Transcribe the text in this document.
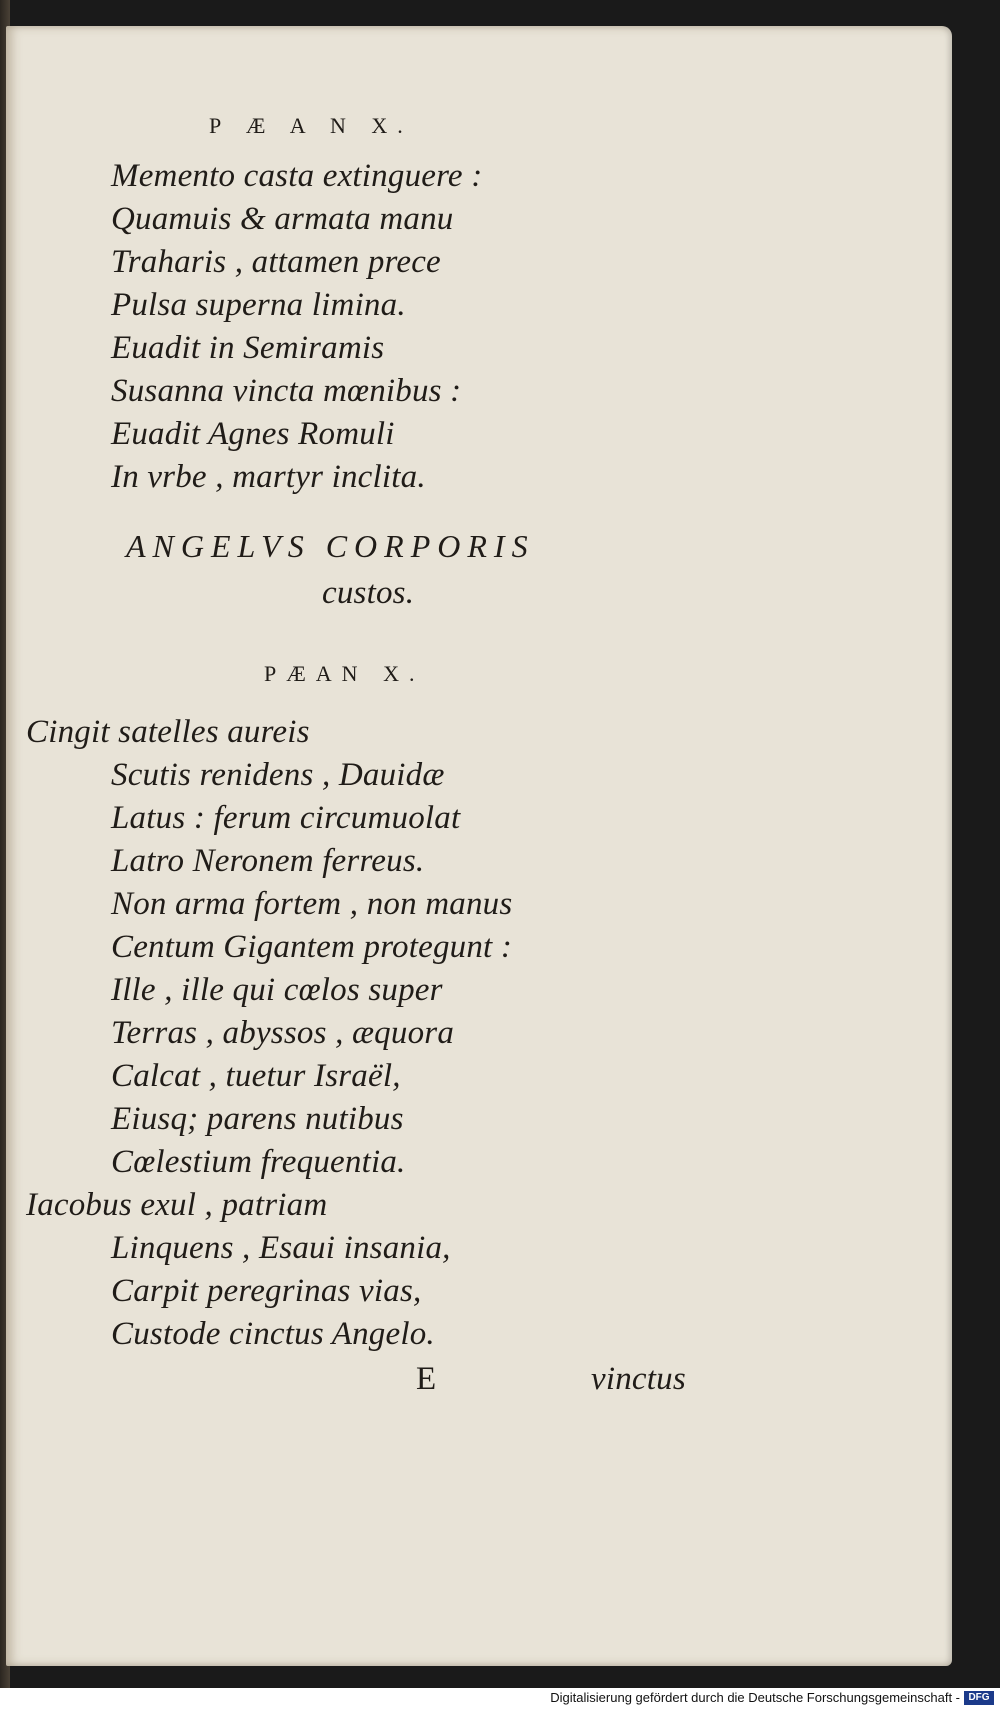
P Æ A N X.

Memento casta extinguere :

Quamuis & armata manu

Traharis , attamen prece

Pulsa superna limina.

Euadit in Semiramis

Susanna vincta mœnibus :

Euadit Agnes Romuli

In vrbe , martyr inclita.

ANGELVS CORPORIS

custos.

PÆAN X.

Cingit satelles aureis

Scutis renidens , Dauidæ

Latus : ferum circumuolat

Latro Neronem ferreus.

Non arma fortem , non manus

Centum Gigantem protegunt :

Ille , ille qui cœlos super

Terras , abyssos , æquora

Calcat , tuetur Israël,

Eiusq; parens nutibus

Cœlestium frequentia.

Iacobus exul , patriam

Linquens , Esaui insania,

Carpit peregrinas vias,

Custode cinctus Angelo.

E	vinctus

Digitalisierung gefördert durch die Deutsche Forschungsgemeinschaft - DFG
